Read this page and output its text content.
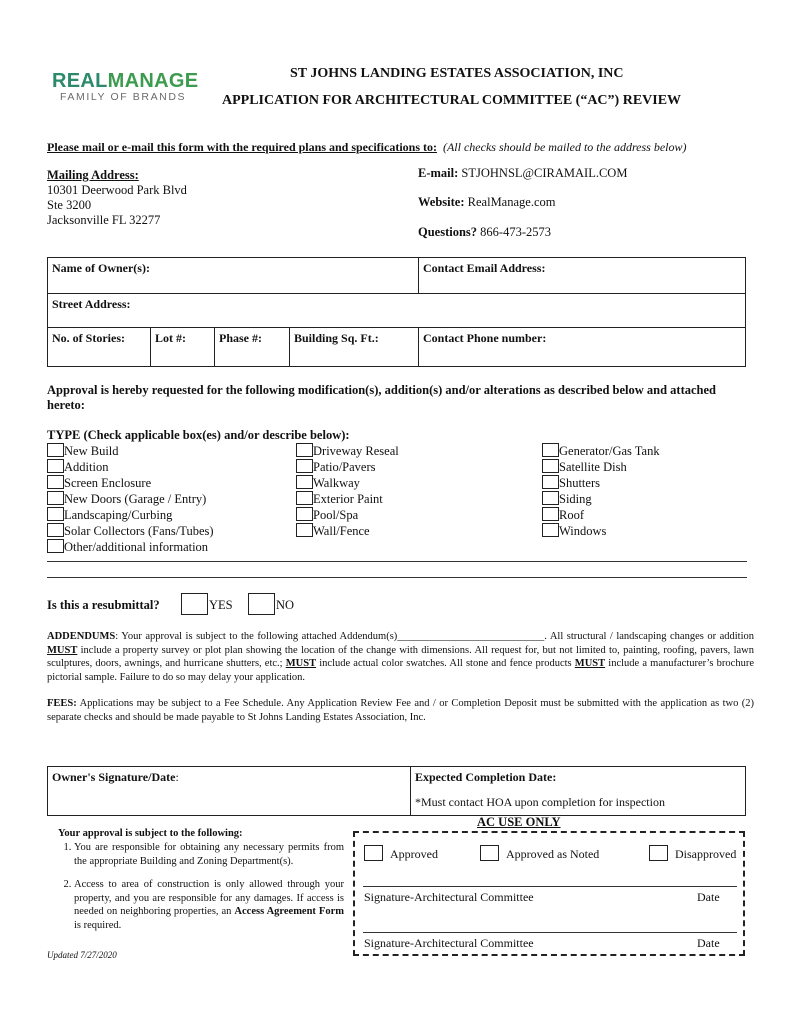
REALMANAGE
FAMILY OF BRANDS
ST JOHNS LANDING ESTATES ASSOCIATION, INC
APPLICATION FOR ARCHITECTURAL COMMITTEE (“AC”) REVIEW
Please mail or e-mail this form with the required plans and specifications to: (All checks should be mailed to the address below)
Mailing Address:
10301 Deerwood Park Blvd
Ste 3200
Jacksonville FL 32277
E-mail: STJOHNSL@CIRAMAIL.COM
Website: RealManage.com
Questions? 866-473-2573
Name of Owner(s):	Contact Email Address:
Street Address:
No. of Stories:	Lot #:	Phase #:	Building Sq. Ft.:	Contact Phone number:
Approval is hereby requested for the following modification(s), addition(s) and/or alterations as described below and attached hereto:
TYPE (Check applicable box(es) and/or describe below):
New Build
Addition
Screen Enclosure
New Doors (Garage / Entry)
Landscaping/Curbing
Solar Collectors (Fans/Tubes)
Other/additional information
Driveway Reseal
Patio/Pavers
Walkway
Exterior Paint
Pool/Spa
Wall/Fence
Generator/Gas Tank
Satellite Dish
Shutters
Siding
Roof
Windows
Is this a resubmittal?	YES	NO
ADDENDUMS: Your approval is subject to the following attached Addendum(s)____________________________. All structural / landscaping changes or addition MUST include a property survey or plot plan showing the location of the change with dimensions. All request for, but not limited to, painting, roofing, pavers, lawn sculptures, doors, awnings, and hurricane shutters, etc.; MUST include actual color swatches. All stone and fence products MUST include a manufacturer’s brochure pictorial sample. Failure to do so may delay your application.
FEES: Applications may be subject to a Fee Schedule. Any Application Review Fee and / or Completion Deposit must be submitted with the application as two (2) separate checks and should be made payable to St Johns Landing Estates Association, Inc.
Owner's Signature/Date:	Expected Completion Date:
*Must contact HOA upon completion for inspection
Your approval is subject to the following:
1. You are responsible for obtaining any necessary permits from the appropriate Building and Zoning Department(s).
2. Access to area of construction is only allowed through your property, and you are responsible for any damages. If access is needed on neighboring properties, an Access Agreement Form is required.
AC USE ONLY
Approved	Approved as Noted	Disapproved
Signature-Architectural Committee	Date
Signature-Architectural Committee	Date
Updated 7/27/2020
